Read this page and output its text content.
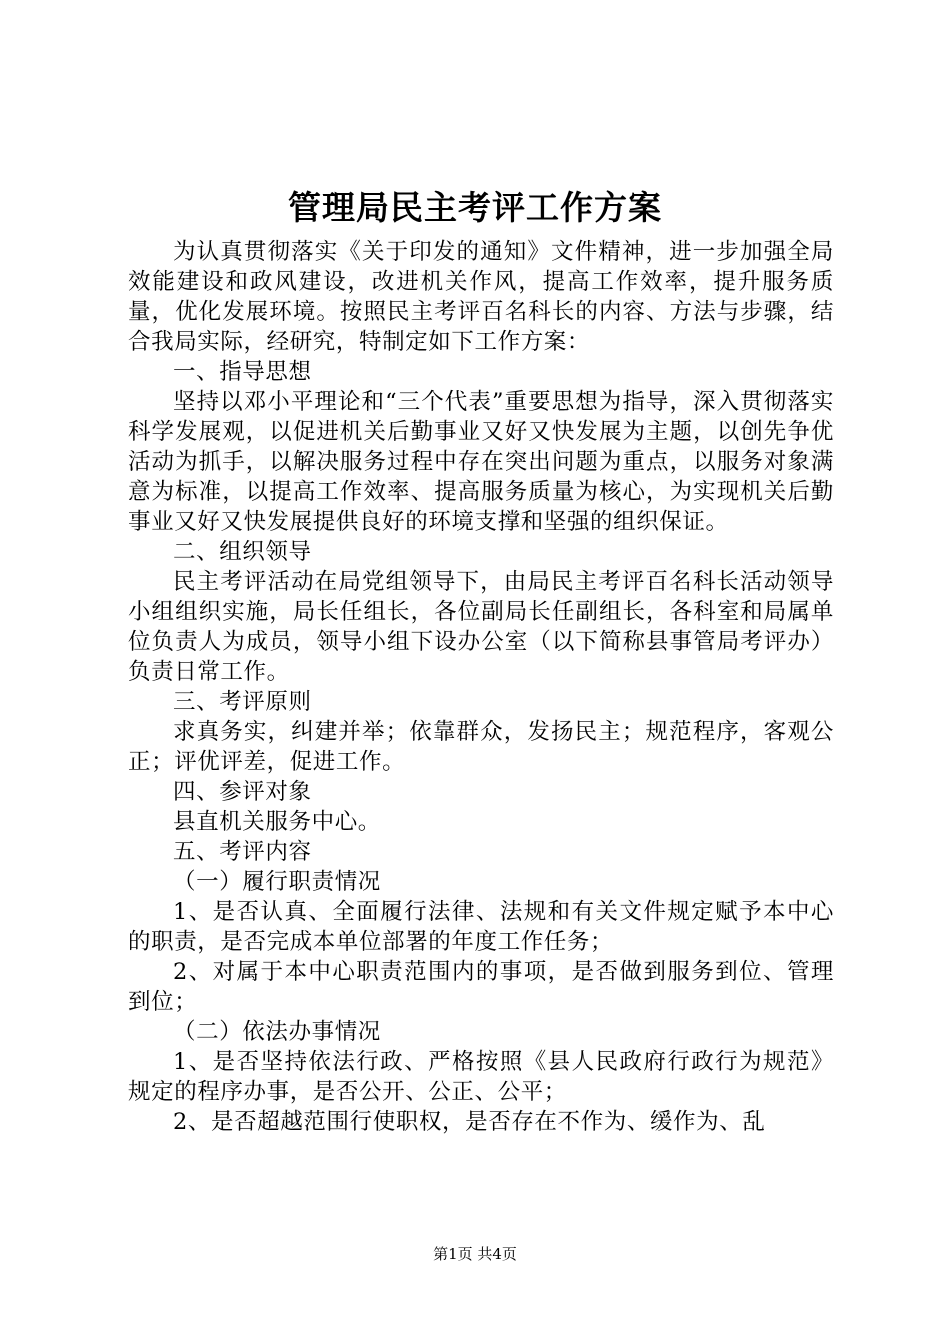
管理局民主考评工作方案

为认真贯彻落实《关于印发的通知》文件精神，进一步加强全局效能建设和政风建设，改进机关作风，提高工作效率，提升服务质量，优化发展环境。按照民主考评百名科长的内容、方法与步骤，结合我局实际，经研究，特制定如下工作方案：

一、指导思想

坚持以邓小平理论和“三个代表”重要思想为指导，深入贯彻落实科学发展观，以促进机关后勤事业又好又快发展为主题，以创先争优活动为抓手，以解决服务过程中存在突出问题为重点，以服务对象满意为标准，以提高工作效率、提高服务质量为核心，为实现机关后勤事业又好又快发展提供良好的环境支撑和坚强的组织保证。

二、组织领导

民主考评活动在局党组领导下，由局民主考评百名科长活动领导小组组织实施，局长任组长，各位副局长任副组长，各科室和局属单位负责人为成员，领导小组下设办公室（以下简称县事管局考评办）负责日常工作。

三、考评原则

求真务实，纠建并举；依靠群众，发扬民主；规范程序，客观公正；评优评差，促进工作。

四、参评对象

县直机关服务中心。

五、考评内容

（一）履行职责情况

1、是否认真、全面履行法律、法规和有关文件规定赋予本中心的职责，是否完成本单位部署的年度工作任务；

2、对属于本中心职责范围内的事项，是否做到服务到位、管理到位；

（二）依法办事情况

1、是否坚持依法行政、严格按照《县人民政府行政行为规范》规定的程序办事，是否公开、公正、公平；

2、是否超越范围行使职权，是否存在不作为、缓作为、乱

第1页 共4页
